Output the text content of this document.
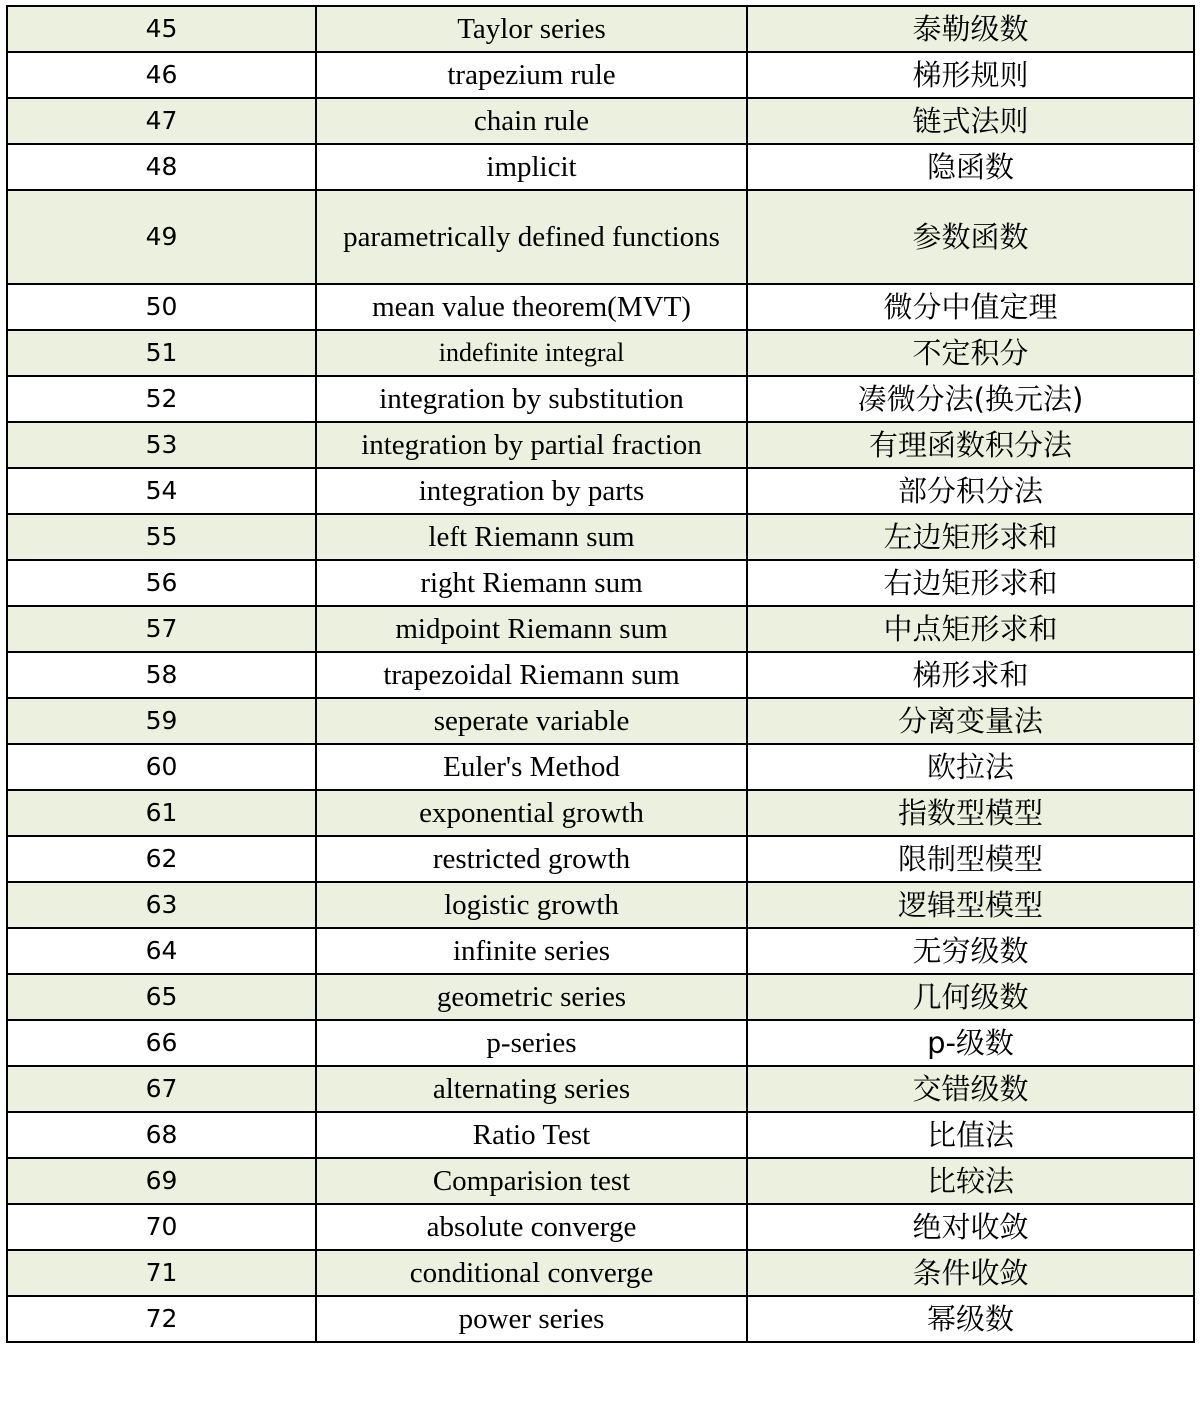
45	Taylor series	泰勒级数
46	trapezium rule	梯形规则
47	chain rule	链式法则
48	implicit	隐函数
49	parametrically defined functions	参数函数
50	mean value theorem(MVT)	微分中值定理
51	indefinite integral	不定积分
52	integration by substitution	凑微分法(换元法)
53	integration by partial fraction	有理函数积分法
54	integration by parts	部分积分法
55	left Riemann sum	左边矩形求和
56	right Riemann sum	右边矩形求和
57	midpoint Riemann sum	中点矩形求和
58	trapezoidal Riemann sum	梯形求和
59	seperate variable	分离变量法
60	Euler's Method	欧拉法
61	exponential growth	指数型模型
62	restricted growth	限制型模型
63	logistic growth	逻辑型模型
64	infinite series	无穷级数
65	geometric series	几何级数
66	p-series	p-级数
67	alternating series	交错级数
68	Ratio Test	比值法
69	Comparision test	比较法
70	absolute converge	绝对收敛
71	conditional converge	条件收敛
72	power series	幂级数
